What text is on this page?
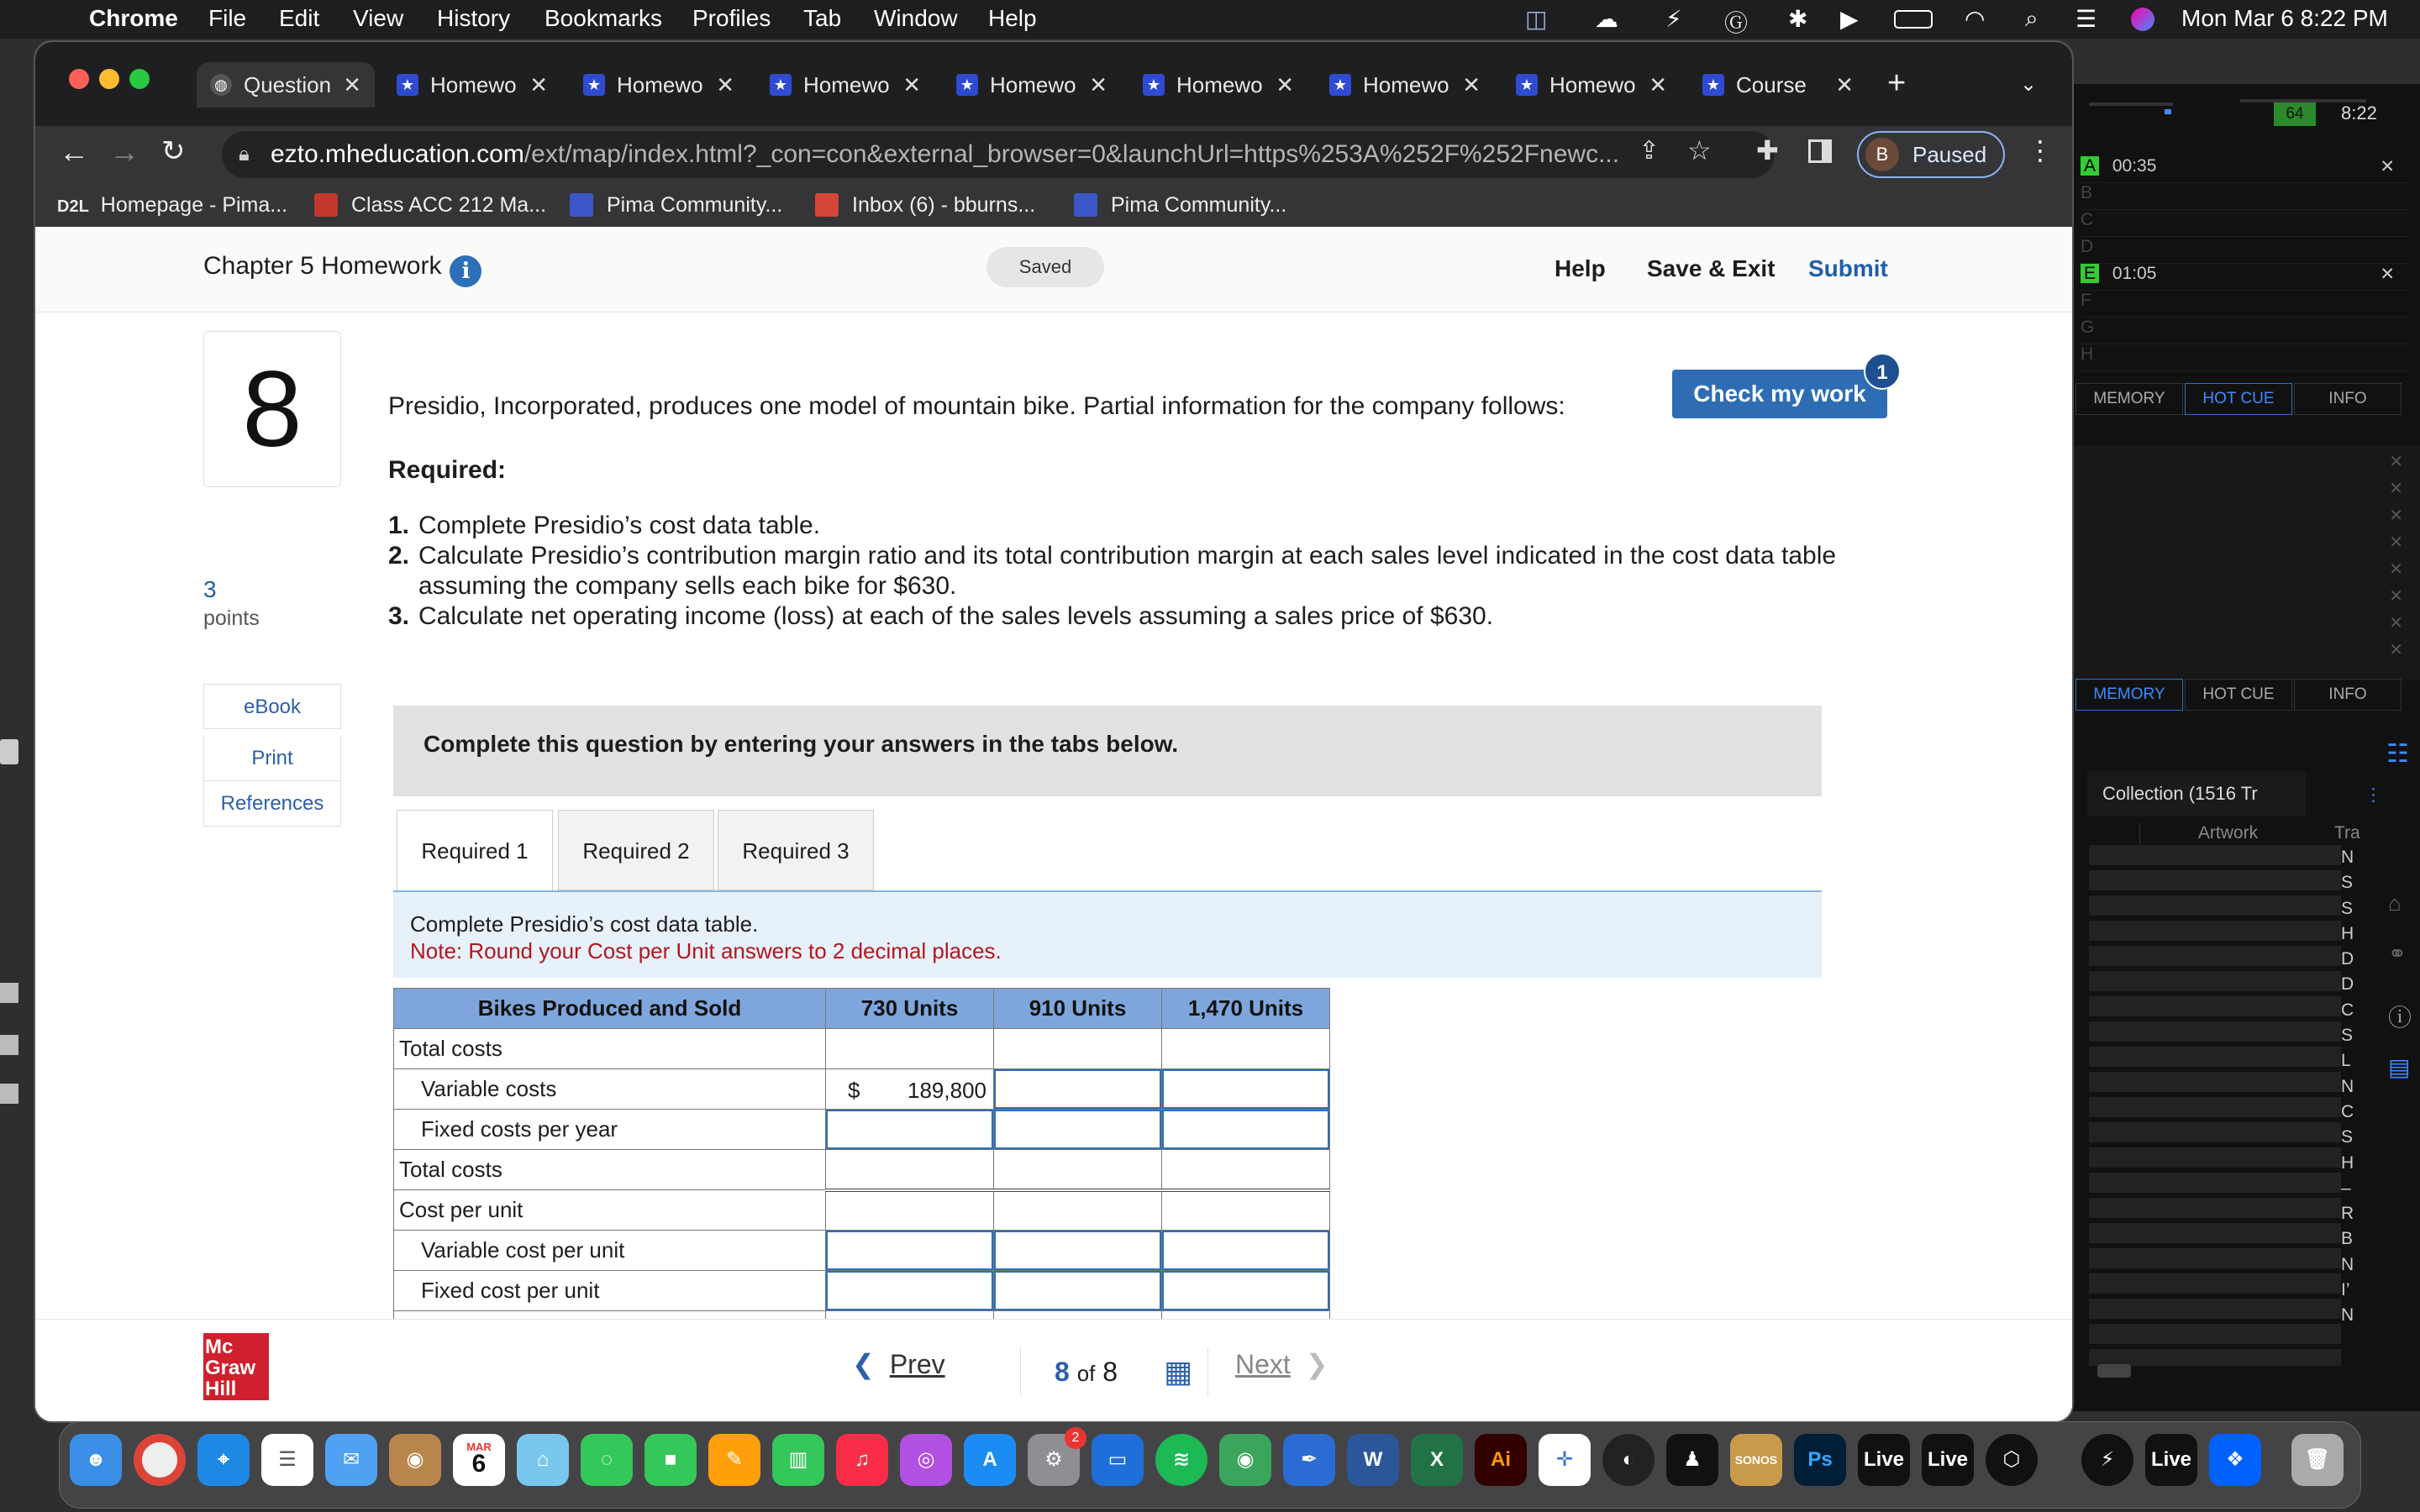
Chrome File Edit View History Bookmarks Profiles Tab Window Help	◫ ☁ ⚡ Ⓖ ✱ ▶	◠ ⌕ ☰	Mon Mar 6 8:22 PM
64	8:22
A 00:35	✕
B
C
D
E 01:05	✕
F
G
H
MEMORY	HOT CUE	INFO
✕
✕
✕
✕
✕
✕
✕
✕
MEMORY	HOT CUE	INFO
☷
Collection (1516 Tr	⋮
Artwork	Tra
N
S
S
H
D
D
C
S
L
N
C
S
H
–
R
B
N
I’
N
⌂
⚭
ⓘ
▤
◍ Question ✕	★ Homewo ✕	★ Homewo ✕	★ Homewo ✕	★ Homewo ✕	★ Homewo ✕	★ Homewo ✕	★ Homewo ✕	★ Course ✕ +	⌄
← → ↻	🔒︎ ezto.mheducation.com/ext/map/index.html?_con=con&external_browser=0&launchUrl=https%253A%252F%252Fnewc... ⇪ ☆ ✚	B	Paused	⋮
D2L Homepage - Pima...	Class ACC 212 Ma...	Pima Community...	Inbox (6) - bburns...	Pima Community...
Chapter 5 Homework i	Saved	Help Save & Exit Submit
8	Check my work
1
3
points
eBook
Print
References

Presidio, Incorporated, produces one model of mountain bike. Partial information for the company follows:

Required:

1. Complete Presidio’s cost data table.
2. Calculate Presidio’s contribution margin ratio and its total contribution margin at each sales level indicated in the cost data table assuming the company sells each bike for $630.
3. Calculate net operating income (loss) at each of the sales levels assuming a sales price of $630.
Complete this question by entering your answers in the tabs below.
Required 1	Required 2	Required 3
Complete Presidio’s cost data table.
Note: Round your Cost per Unit answers to 2 decimal places.
Bikes Produced and Sold	730 Units	910 Units	1,470 Units
Total costs			
Variable costs	$ 189,800		

Fixed costs per year			
Total costs			
Cost per unit			
Variable cost per unit			
Fixed cost per unit			

Mc
Graw
Hill
❮ Prev	8 of 8 ▦ Next ❯
☻	⌖	☰	✉	◉
MAR
6	⌂	◌	■	✎	▥	♫	◎	A	⚙
2
▭	≋	◉	✒	W	X	Ai	✛	◐	♟	SONOS	Ps	Live Live	⬡	⚡	Live	❖	🗑︎
